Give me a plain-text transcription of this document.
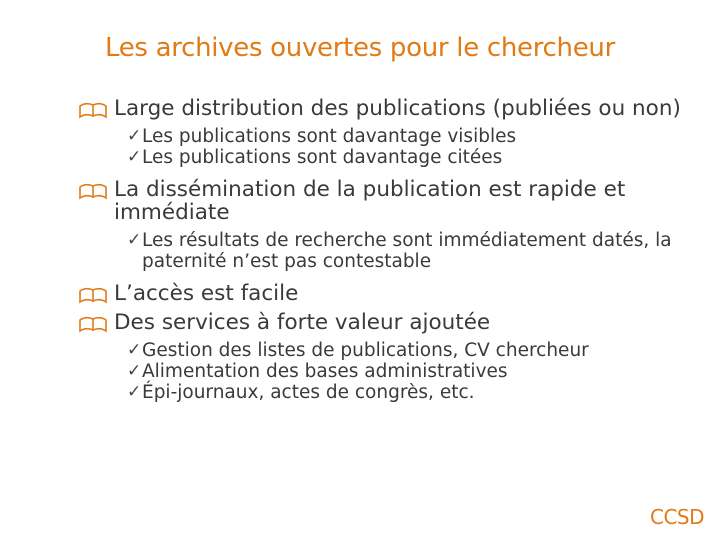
Les archives ouvertes pour le chercheur
Large distribution des publications (publiées ou non)
✓ Les publications sont davantage visibles
✓ Les publications sont davantage citées
La dissémination de la publication est rapide et immédiate
✓ Les résultats de recherche sont immédiatement datés, la paternité n’est pas contestable
L’accès est facile
Des services à forte valeur ajoutée
✓ Gestion des listes de publications, CV chercheur
✓ Alimentation des bases administratives
✓ Épi-journaux, actes de congrès, etc.
CCSD
